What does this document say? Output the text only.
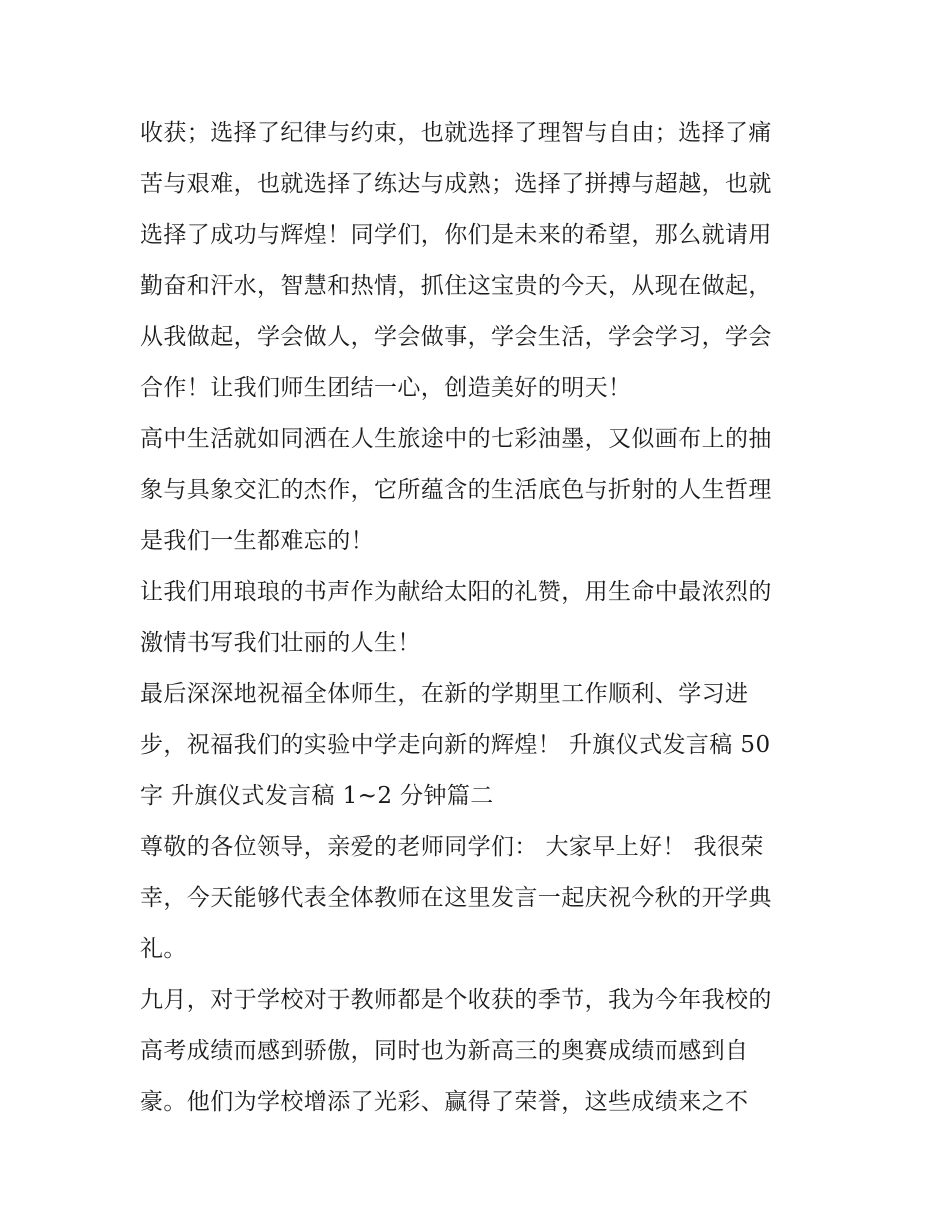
收获；选择了纪律与约束，也就选择了理智与自由；选择了痛
苦与艰难，也就选择了练达与成熟；选择了拼搏与超越，也就
选择了成功与辉煌！同学们，你们是未来的希望，那么就请用
勤奋和汗水，智慧和热情，抓住这宝贵的今天，从现在做起，
从我做起，学会做人，学会做事，学会生活，学会学习，学会
合作！让我们师生团结一心，创造美好的明天！
高中生活就如同洒在人生旅途中的七彩油墨，又似画布上的抽
象与具象交汇的杰作，它所蕴含的生活底色与折射的人生哲理
是我们一生都难忘的！
让我们用琅琅的书声作为献给太阳的礼赞，用生命中最浓烈的
激情书写我们壮丽的人生！
最后深深地祝福全体师生，在新的学期里工作顺利、学习进
步，祝福我们的实验中学走向新的辉煌！ 升旗仪式发言稿 50
字 升旗仪式发言稿 1~2 分钟篇二
尊敬的各位领导，亲爱的老师同学们： 大家早上好！ 我很荣
幸，今天能够代表全体教师在这里发言一起庆祝今秋的开学典
礼。
九月，对于学校对于教师都是个收获的季节，我为今年我校的
高考成绩而感到骄傲，同时也为新高三的奥赛成绩而感到自
豪。他们为学校增添了光彩、赢得了荣誉，这些成绩来之不
